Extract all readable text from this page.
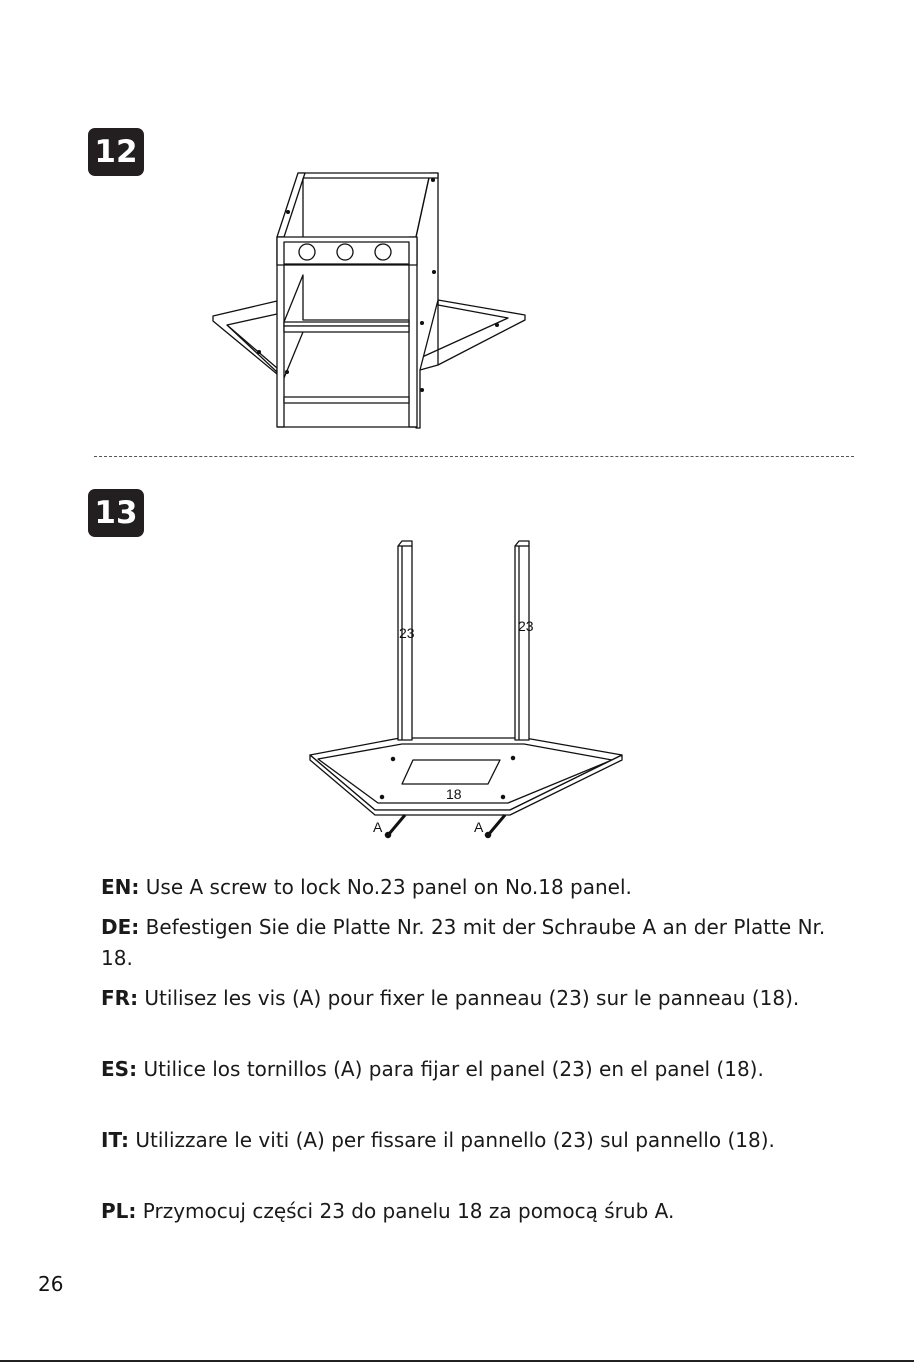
12
13
23	23
18
A	A
EN: Use A screw to lock No.23 panel on No.18 panel.
DE: Befestigen Sie die Platte Nr. 23 mit der Schraube A an der Platte Nr. 18.
FR: Utilisez les vis (A) pour fixer le panneau (23) sur le panneau (18).
ES: Utilice los tornillos (A) para fijar el panel (23) en el panel (18).
IT: Utilizzare le viti (A) per fissare il pannello (23) sul pannello (18).
PL: Przymocuj części 23 do panelu 18 za pomocą śrub A.
26
